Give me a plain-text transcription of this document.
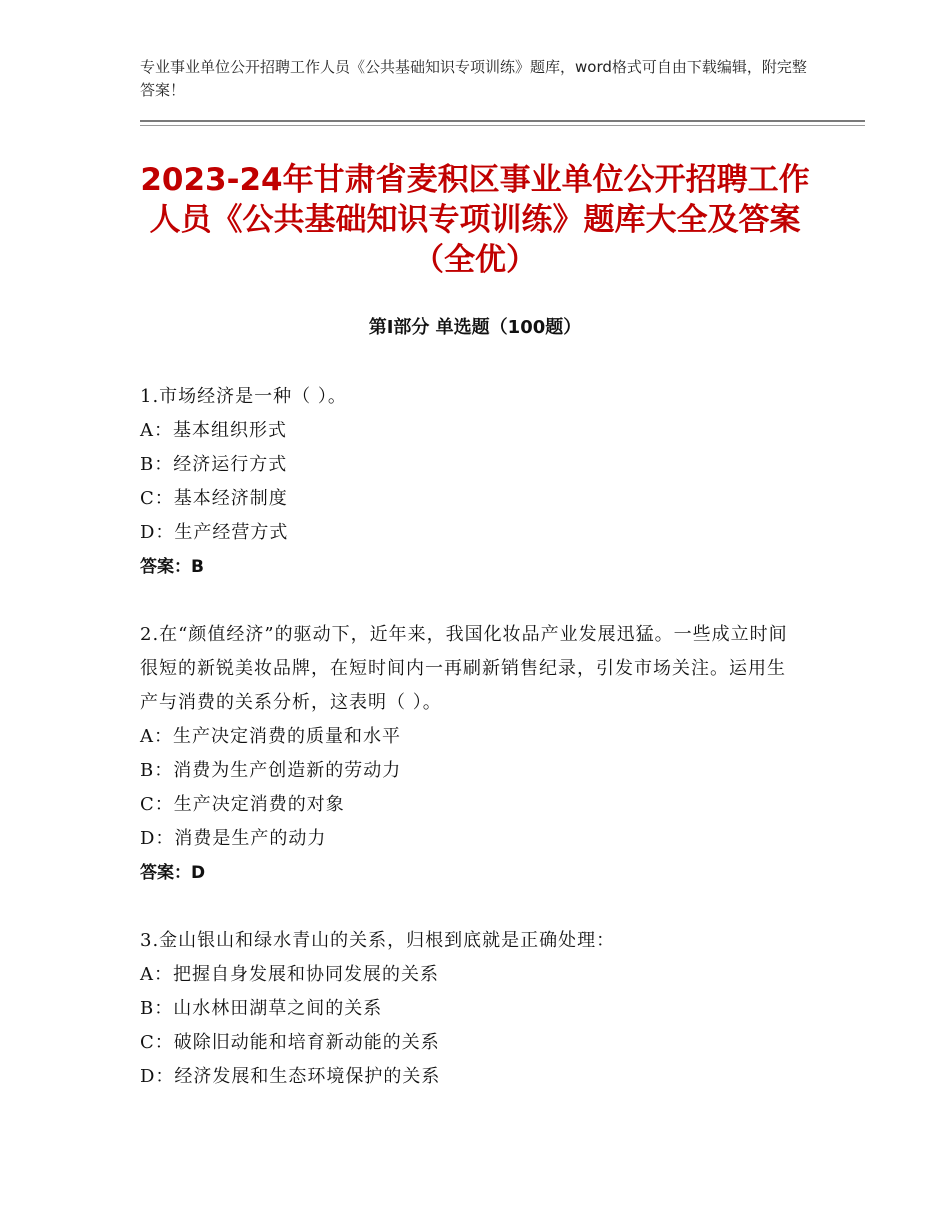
专业事业单位公开招聘工作人员《公共基础知识专项训练》题库，word格式可自由下载编辑，附完整答案！
2023-24年甘肃省麦积区事业单位公开招聘工作人员《公共基础知识专项训练》题库大全及答案（全优）
第Ⅰ部分 单选题（100题）
1.市场经济是一种（ ）。
A：基本组织形式
B：经济运行方式
C：基本经济制度
D：生产经营方式
答案：B
2.在“颜值经济”的驱动下，近年来，我国化妆品产业发展迅猛。一些成立时间很短的新锐美妆品牌，在短时间内一再刷新销售纪录，引发市场关注。运用生产与消费的关系分析，这表明（ ）。
A：生产决定消费的质量和水平
B：消费为生产创造新的劳动力
C：生产决定消费的对象
D：消费是生产的动力
答案：D
3.金山银山和绿水青山的关系，归根到底就是正确处理：
A：把握自身发展和协同发展的关系
B：山水林田湖草之间的关系
C：破除旧动能和培育新动能的关系
D：经济发展和生态环境保护的关系
